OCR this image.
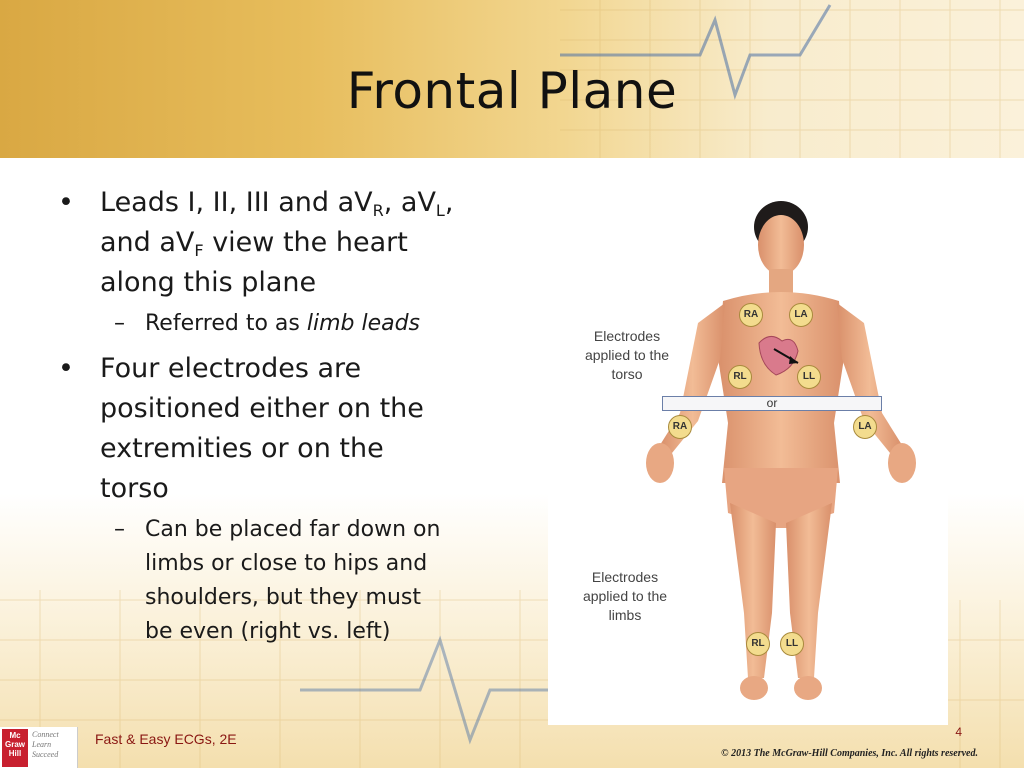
Frontal Plane
• Leads I, II, III and $aV_R$, $aV_L$,
and $aV_F$ view the heart
along this plane
– Referred to as limb leads
• Four electrodes are
positioned either on the
extremities or on the
torso
– Can be placed far down on
limbs or close to hips and
shoulders, but they must
be even (right vs. left)
Electrodes
applied to the
torso
Electrodes
applied to the
limbs
or
RA	LA
RL	LL
RA	LA
RL	LL
Mc
Graw
Hill
Connect
Learn
Succeed
Fast & Easy ECGs, 2E	4
© 2013 The McGraw-Hill Companies, Inc. All rights reserved.
